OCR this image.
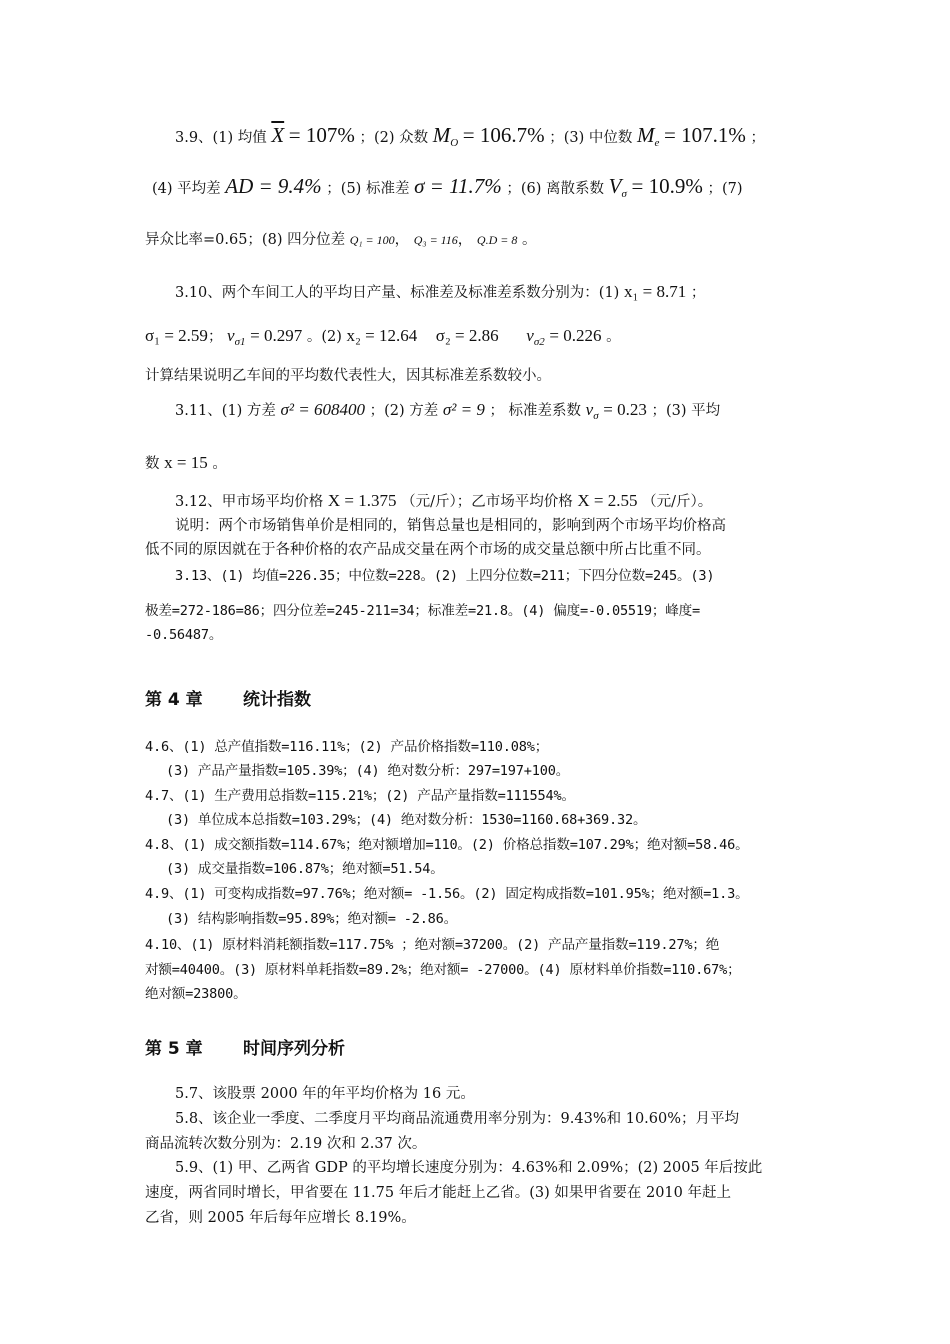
3.9、(1) 均值 $\overline{X} = 107\%$ ；(2) 众数 $M_O = 106.7\%$ ；(3) 中位数 $M_e = 107.1\%$ ；
(4) 平均差 AD = 9.4% ；(5) 标准差 σ = 11.7% ；(6) 离散系数 $V_\sigma = 10.9\%$ ；(7)
异众比率=0.65；(8) 四分位差 Q₁ = 100， Q₃ = 116， Q.D = 8 。
3.10、两个车间工人的平均日产量、标准差及标准差系数分别为：(1) x₁ = 8.71 ；
σ₁ = 2.59； $v_{\sigma 1} = 0.297$ 。(2) x₂ = 12.64 σ₂ = 2.86 $v_{\sigma 2} = 0.226$ 。
计算结果说明乙车间的平均数代表性大，因其标准差系数较小。
3.11、(1) 方差 σ² = 608400 ；(2) 方差 σ² = 9 ； 标准差系数 $v_\sigma = 0.23$ ；(3) 平均
数 x = 15 。
3.12、甲市场平均价格 X = 1.375 （元/斤）；乙市场平均价格 X = 2.55 （元/斤）。
说明：两个市场销售单价是相同的，销售总量也是相同的，影响到两个市场平均价格高
低不同的原因就在于各种价格的农产品成交量在两个市场的成交量总额中所占比重不同。
3.13、(1) 均值=226.35；中位数=228。(2) 上四分位数=211；下四分位数=245。(3)
极差=272-186=86；四分位差=245-211=34；标准差=21.8。(4) 偏度=-0.05519；峰度=
-0.56487。
第 4 章 统计指数
4.6、(1) 总产值指数=116.11%；(2) 产品价格指数=110.08%；
(3) 产品产量指数=105.39%；(4) 绝对数分析：297=197+100。
4.7、(1) 生产费用总指数=115.21%；(2) 产品产量指数=111554%。
(3) 单位成本总指数=103.29%；(4) 绝对数分析：1530=1160.68+369.32。
4.8、(1) 成交额指数=114.67%；绝对额增加=110。(2) 价格总指数=107.29%；绝对额=58.46。
(3) 成交量指数=106.87%；绝对额=51.54。
4.9、(1) 可变构成指数=97.76%；绝对额= -1.56。(2) 固定构成指数=101.95%；绝对额=1.3。
(3) 结构影响指数=95.89%；绝对额= -2.86。
4.10、(1) 原材料消耗额指数=117.75% ；绝对额=37200。(2) 产品产量指数=119.27%；绝
对额=40400。(3) 原材料单耗指数=89.2%；绝对额= -27000。(4) 原材料单价指数=110.67%；
绝对额=23800。
第 5 章 时间序列分析
5.7、该股票 2000 年的年平均价格为 16 元。
5.8、该企业一季度、二季度月平均商品流通费用率分别为：9.43%和 10.60%；月平均
商品流转次数分别为：2.19 次和 2.37 次。
5.9、(1) 甲、乙两省 GDP 的平均增长速度分别为：4.63%和 2.09%；(2) 2005 年后按此
速度，两省同时增长，甲省要在 11.75 年后才能赶上乙省。(3) 如果甲省要在 2010 年赶上
乙省，则 2005 年后每年应增长 8.19%。
